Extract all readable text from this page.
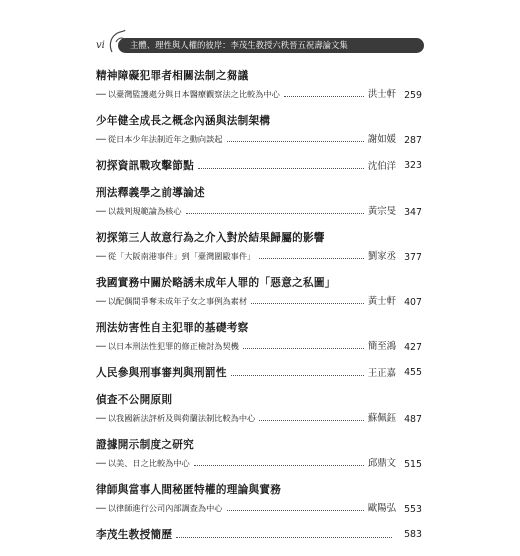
vi	主體、理性與人權的彼岸：李茂生教授六秩晉五祝壽論文集
精神障礙犯罪者相關法制之芻議
── 以臺灣監護處分與日本醫療觀察法之比較為中心	洪士軒 259
少年健全成長之概念內涵與法制架構
── 從日本少年法制近年之動向談起	謝如媛 287
初探資訊戰攻擊節點	沈伯洋 323
刑法釋義學之前導論述
── 以裁判規範論為核心	黃宗旻 347
初探第三人故意行為之介入對於結果歸屬的影響
── 從「大阪南港事件」到「臺灣圍毆事件」	劉家丞 377
我國實務中關於略誘未成年人罪的「惡意之私圖」
── 以配偶間爭奪未成年子女之事例為素材	黃士軒 407
刑法妨害性自主犯罪的基礎考察
── 以日本刑法性犯罪的修正檢討為契機	簡至鴻 427
人民參與刑事審判與刑罰性	王正嘉 455
偵查不公開原則
── 以我國新法評析及與荷蘭法制比較為中心	蘇佩鈺 487
證據開示制度之研究
── 以美、日之比較為中心	邱鼎文 515
律師與當事人間秘匿特權的理論與實務
── 以律師進行公司內部調查為中心	歐陽弘 553
李茂生教授簡歷	583
